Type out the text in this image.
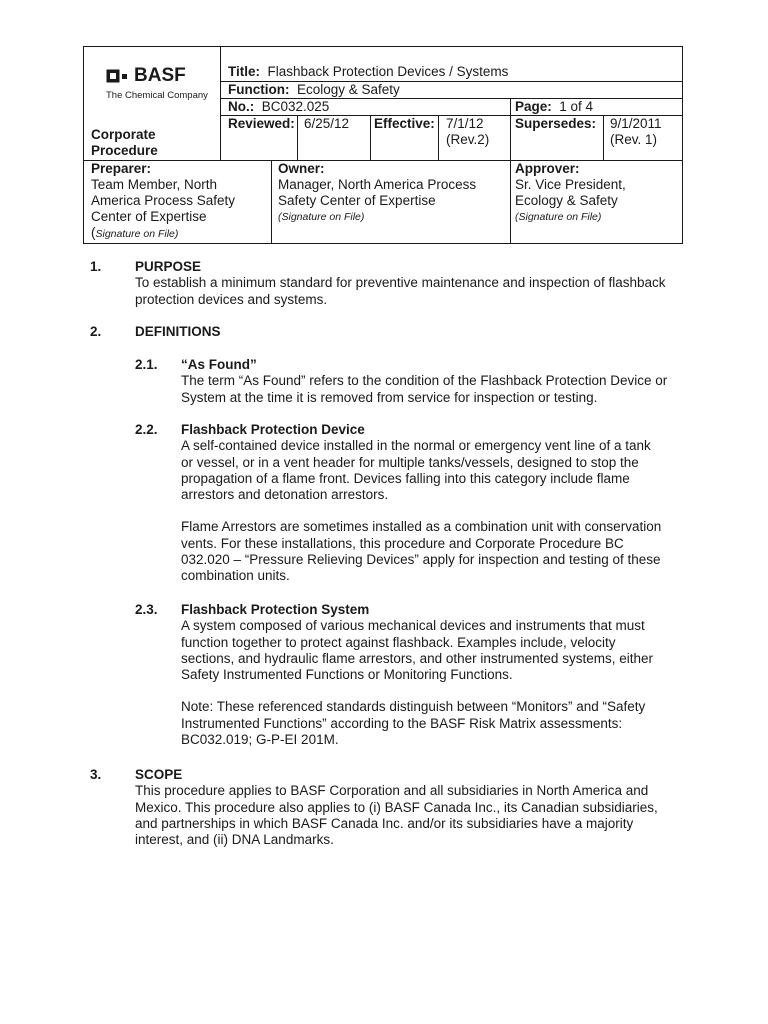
BASF
The Chemical Company
Corporate
Procedure
Title: Flashback Protection Devices / Systems
Function: Ecology & Safety
No.: BC032.025	Page: 1 of 4
Reviewed: 6/25/12 Effective: 7/1/12
(Rev.2)
Supersedes: 9/1/2011
(Rev. 1)
Preparer:
Team Member, North
America Process Safety
Center of Expertise
(Signature on File)
Owner:
Manager, North America Process
Safety Center of Expertise
(Signature on File)
Approver:
Sr. Vice President,
Ecology & Safety
(Signature on File)
1. PURPOSE
To establish a minimum standard for preventive maintenance and inspection of flashback
protection devices and systems.
2. DEFINITIONS
2.1. “As Found”
The term “As Found” refers to the condition of the Flashback Protection Device or
System at the time it is removed from service for inspection or testing.
2.2. Flashback Protection Device
A self-contained device installed in the normal or emergency vent line of a tank
or vessel, or in a vent header for multiple tanks/vessels, designed to stop the
propagation of a flame front. Devices falling into this category include flame
arrestors and detonation arrestors.
Flame Arrestors are sometimes installed as a combination unit with conservation
vents. For these installations, this procedure and Corporate Procedure BC
032.020 – “Pressure Relieving Devices” apply for inspection and testing of these
combination units.
2.3. Flashback Protection System
A system composed of various mechanical devices and instruments that must
function together to protect against flashback. Examples include, velocity
sections, and hydraulic flame arrestors, and other instrumented systems, either
Safety Instrumented Functions or Monitoring Functions.
Note: These referenced standards distinguish between “Monitors” and “Safety
Instrumented Functions” according to the BASF Risk Matrix assessments:
BC032.019; G-P-EI 201M.
3. SCOPE
This procedure applies to BASF Corporation and all subsidiaries in North America and
Mexico. This procedure also applies to (i) BASF Canada Inc., its Canadian subsidiaries,
and partnerships in which BASF Canada Inc. and/or its subsidiaries have a majority
interest, and (ii) DNA Landmarks.
